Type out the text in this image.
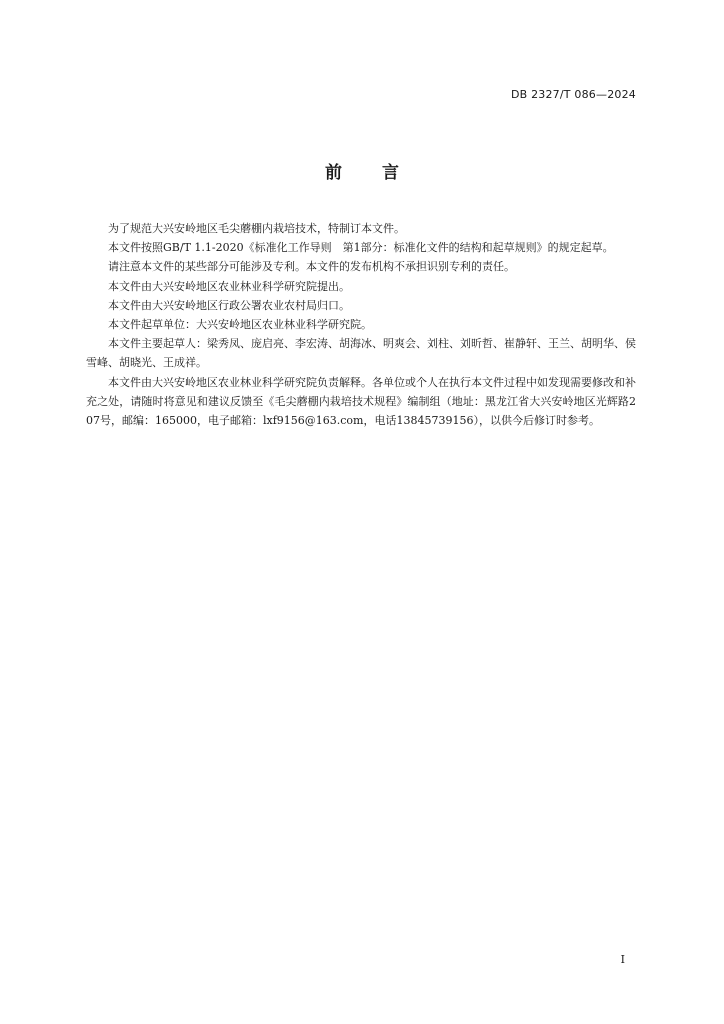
DB 2327/T 086—2024
前 言

为了规范大兴安岭地区毛尖蘑棚内栽培技术，特制订本文件。

本文件按照GB/T 1.1-2020《标准化工作导则　第1部分：标准化文件的结构和起草规则》的规定起草。

请注意本文件的某些部分可能涉及专利。本文件的发布机构不承担识别专利的责任。

本文件由大兴安岭地区农业林业科学研究院提出。

本文件由大兴安岭地区行政公署农业农村局归口。

本文件起草单位：大兴安岭地区农业林业科学研究院。

本文件主要起草人：梁秀凤、庞启亮、李宏涛、胡海冰、明爽会、刘柱、刘昕哲、崔静轩、王兰、胡明华、侯雪峰、胡晓光、王成祥。

本文件由大兴安岭地区农业林业科学研究院负责解释。各单位或个人在执行本文件过程中如发现需要修改和补充之处，请随时将意见和建议反馈至《毛尖蘑棚内栽培技术规程》编制组（地址：黑龙江省大兴安岭地区光辉路207号，邮编：165000，电子邮箱：lxf9156@163.com，电话13845739156），以供今后修订时参考。

I
